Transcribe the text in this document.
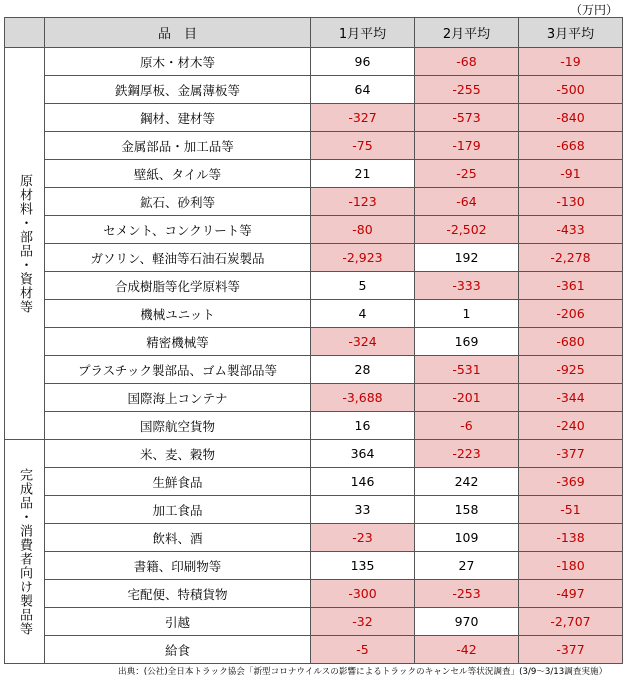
（万円）
	品　目	1月平均	2月平均	3月平均

原材料・部品・資材等	原木・材木等	96	-68	-19
	鉄鋼厚板、金属薄板等	64	-255	-500
	鋼材、建材等	-327	-573	-840
	金属部品・加工品等	-75	-179	-668
	壁紙、タイル等	21	-25	-91
	鉱石、砂利等	-123	-64	-130
	セメント、コンクリート等	-80	-2,502	-433
	ガソリン、軽油等石油石炭製品	-2,923	192	-2,278
	合成樹脂等化学原料等	5	-333	-361
	機械ユニット	4	1	-206
	精密機械等	-324	169	-680
	プラスチック製部品、ゴム製部品等	28	-531	-925
	国際海上コンテナ	-3,688	-201	-344
	国際航空貨物	16	-6	-240

完成品・消費者向け製品等	米、麦、穀物	364	-223	-377
	生鮮食品	146	242	-369
	加工食品	33	158	-51
	飲料、酒	-23	109	-138
	書籍、印刷物等	135	27	-180
	宅配便、特積貨物	-300	-253	-497
	引越	-32	970	-2,707
	給食	-5	-42	-377
出典：(公社)全日本トラック協会「新型コロナウイルスの影響によるトラックのキャンセル等状況調査」(3/9～3/13調査実施）
